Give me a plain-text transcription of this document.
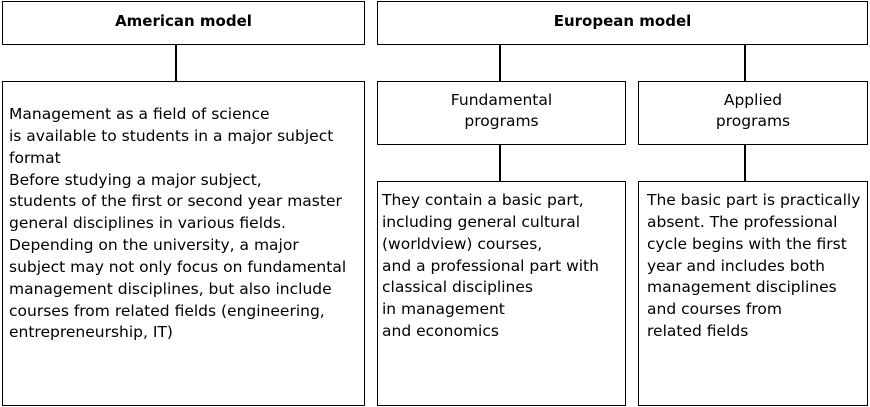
American model	European model
Management as a field of science
is available to students in a major subject
format
Before studying a major subject,
students of the first or second year master
general disciplines in various fields.
Depending on the university, a major
subject may not only focus on fundamental
management disciplines, but also include
courses from related fields (engineering,
entrepreneurship, IT)
Fundamental
programs
Applied
programs
They contain a basic part,
including general cultural
(worldview) courses,
and a professional part with
classical disciplines
in management
and economics
The basic part is practically
absent. The professional
cycle begins with the first
year and includes both
management disciplines
and courses from
related fields
